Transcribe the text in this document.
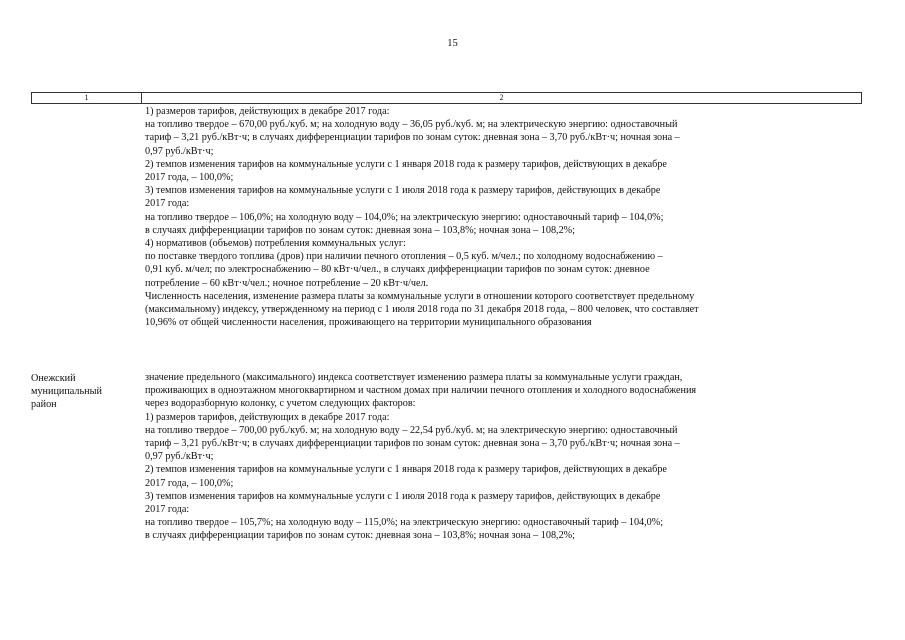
15
1	2
1) размеров тарифов, действующих в декабре 2017 года:
на топливо твердое – 670,00 руб./куб. м; на холодную воду – 36,05 руб./куб. м; на электрическую энергию: одноставочный
тариф – 3,21 руб./кВт·ч; в случаях дифференциации тарифов по зонам суток: дневная зона – 3,70 руб./кВт·ч; ночная зона –
0,97 руб./кВт·ч;
2) темпов изменения тарифов на коммунальные услуги с 1 января 2018 года к размеру тарифов, действующих в декабре
2017 года, – 100,0%;
3) темпов изменения тарифов на коммунальные услуги с 1 июля 2018 года к размеру тарифов, действующих в декабре
2017 года:
на топливо твердое – 106,0%; на холодную воду – 104,0%; на электрическую энергию: одноставочный тариф – 104,0%;
в случаях дифференциации тарифов по зонам суток: дневная зона – 103,8%; ночная зона – 108,2%;
4) нормативов (объемов) потребления коммунальных услуг:
по поставке твердого топлива (дров) при наличии печного отопления – 0,5 куб. м/чел.; по холодному водоснабжению –
0,91 куб. м/чел; по электроснабжению – 80 кВт·ч/чел., в случаях дифференциации тарифов по зонам суток: дневное
потребление – 60 кВт·ч/чел.; ночное потребление – 20 кВт·ч/чел.
Численность населения, изменение размера платы за коммунальные услуги в отношении которого соответствует предельному
(максимальному) индексу, утвержденному на период с 1 июля 2018 года по 31 декабря 2018 года, – 800 человек, что составляет
10,96% от общей численности населения, проживающего на территории муниципального образования
Онежский
муниципальный
район
значение предельного (максимального) индекса соответствует изменению размера платы за коммунальные услуги граждан,
проживающих в одноэтажном многоквартирном и частном домах при наличии печного отопления и холодного водоснабжения
через водоразборную колонку, с учетом следующих факторов:
1) размеров тарифов, действующих в декабре 2017 года:
на топливо твердое – 700,00 руб./куб. м; на холодную воду – 22,54 руб./куб. м; на электрическую энергию: одноставочный
тариф – 3,21 руб./кВт·ч; в случаях дифференциации тарифов по зонам суток: дневная зона – 3,70 руб./кВт·ч; ночная зона –
0,97 руб./кВт·ч;
2) темпов изменения тарифов на коммунальные услуги с 1 января 2018 года к размеру тарифов, действующих в декабре
2017 года, – 100,0%;
3) темпов изменения тарифов на коммунальные услуги с 1 июля 2018 года к размеру тарифов, действующих в декабре
2017 года:
на топливо твердое – 105,7%; на холодную воду – 115,0%; на электрическую энергию: одноставочный тариф – 104,0%;
в случаях дифференциации тарифов по зонам суток: дневная зона – 103,8%; ночная зона – 108,2%;
